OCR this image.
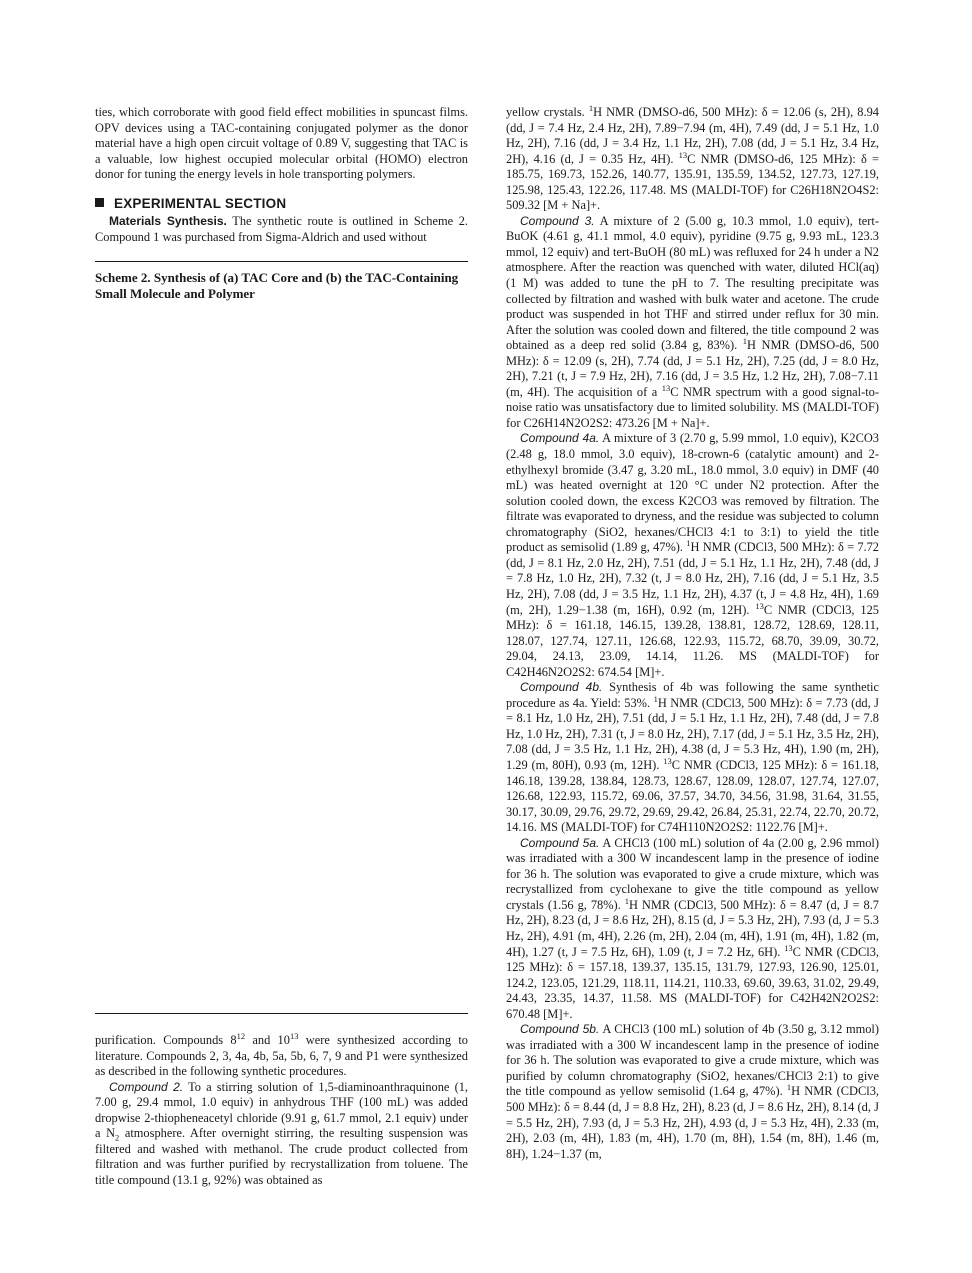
ties, which corroborate with good field effect mobilities in spuncast films. OPV devices using a TAC-containing conjugated polymer as the donor material have a high open circuit voltage of 0.89 V, suggesting that TAC is a valuable, low highest occupied molecular orbital (HOMO) electron donor for tuning the energy levels in hole transporting polymers.

EXPERIMENTAL SECTION

Materials Synthesis. The synthetic route is outlined in Scheme 2. Compound 1 was purchased from Sigma-Aldrich and used without

Scheme 2. Synthesis of (a) TAC Core and (b) the TAC-Containing Small Molecule and Polymer

purification. Compounds $8^{12}$ and $10^{13}$ were synthesized according to literature. Compounds 2, 3, 4a, 4b, 5a, 5b, 6, 7, 9 and P1 were synthesized as described in the following synthetic procedures.

Compound 2. To a stirring solution of 1,5-diaminoanthraquinone (1, 7.00 g, 29.4 mmol, 1.0 equiv) in anhydrous THF (100 mL) was added dropwise 2-thiopheneacetyl chloride (9.91 g, 61.7 mmol, 2.1 equiv) under a $N_2$ atmosphere. After overnight stirring, the resulting suspension was filtered and washed with methanol. The crude product collected from filtration and was further purified by recrystallization from toluene. The title compound (13.1 g, 92%) was obtained as

yellow crystals. $^1$H NMR (DMSO-d6, 500 MHz): δ = 12.06 (s, 2H), 8.94 (dd, J = 7.4 Hz, 2.4 Hz, 2H), 7.89−7.94 (m, 4H), 7.49 (dd, J = 5.1 Hz, 1.0 Hz, 2H), 7.16 (dd, J = 3.4 Hz, 1.1 Hz, 2H), 7.08 (dd, J = 5.1 Hz, 3.4 Hz, 2H), 4.16 (d, J = 0.35 Hz, 4H). $^{13}$C NMR (DMSO-d6, 125 MHz): δ = 185.75, 169.73, 152.26, 140.77, 135.91, 135.59, 134.52, 127.73, 127.19, 125.98, 125.43, 122.26, 117.48. MS (MALDI-TOF) for C26H18N2O4S2: 509.32 [M + Na]+.

Compound 3. A mixture of 2 (5.00 g, 10.3 mmol, 1.0 equiv), tert-BuOK (4.61 g, 41.1 mmol, 4.0 equiv), pyridine (9.75 g, 9.93 mL, 123.3 mmol, 12 equiv) and tert-BuOH (80 mL) was refluxed for 24 h under a N2 atmosphere. After the reaction was quenched with water, diluted HCl(aq) (1 M) was added to tune the pH to 7. The resulting precipitate was collected by filtration and washed with bulk water and acetone. The crude product was suspended in hot THF and stirred under reflux for 30 min. After the solution was cooled down and filtered, the title compound 2 was obtained as a deep red solid (3.84 g, 83%). $^1$H NMR (DMSO-d6, 500 MHz): δ = 12.09 (s, 2H), 7.74 (dd, J = 5.1 Hz, 2H), 7.25 (dd, J = 8.0 Hz, 2H), 7.21 (t, J = 7.9 Hz, 2H), 7.16 (dd, J = 3.5 Hz, 1.2 Hz, 2H), 7.08−7.11 (m, 4H). The acquisition of a $^{13}$C NMR spectrum with a good signal-to-noise ratio was unsatisfactory due to limited solubility. MS (MALDI-TOF) for C26H14N2O2S2: 473.26 [M + Na]+.

Compound 4a. A mixture of 3 (2.70 g, 5.99 mmol, 1.0 equiv), K2CO3 (2.48 g, 18.0 mmol, 3.0 equiv), 18-crown-6 (catalytic amount) and 2-ethylhexyl bromide (3.47 g, 3.20 mL, 18.0 mmol, 3.0 equiv) in DMF (40 mL) was heated overnight at 120 °C under N2 protection. After the solution cooled down, the excess K2CO3 was removed by filtration. The filtrate was evaporated to dryness, and the residue was subjected to column chromatography (SiO2, hexanes/CHCl3 4:1 to 3:1) to yield the title product as semisolid (1.89 g, 47%). $^1$H NMR (CDCl3, 500 MHz): δ = 7.72 (dd, J = 8.1 Hz, 2.0 Hz, 2H), 7.51 (dd, J = 5.1 Hz, 1.1 Hz, 2H), 7.48 (dd, J = 7.8 Hz, 1.0 Hz, 2H), 7.32 (t, J = 8.0 Hz, 2H), 7.16 (dd, J = 5.1 Hz, 3.5 Hz, 2H), 7.08 (dd, J = 3.5 Hz, 1.1 Hz, 2H), 4.37 (t, J = 4.8 Hz, 4H), 1.69 (m, 2H), 1.29−1.38 (m, 16H), 0.92 (m, 12H). $^{13}$C NMR (CDCl3, 125 MHz): δ = 161.18, 146.15, 139.28, 138.81, 128.72, 128.69, 128.11, 128.07, 127.74, 127.11, 126.68, 122.93, 115.72, 68.70, 39.09, 30.72, 29.04, 24.13, 23.09, 14.14, 11.26. MS (MALDI-TOF) for C42H46N2O2S2: 674.54 [M]+.

Compound 4b. Synthesis of 4b was following the same synthetic procedure as 4a. Yield: 53%. $^1$H NMR (CDCl3, 500 MHz): δ = 7.73 (dd, J = 8.1 Hz, 1.0 Hz, 2H), 7.51 (dd, J = 5.1 Hz, 1.1 Hz, 2H), 7.48 (dd, J = 7.8 Hz, 1.0 Hz, 2H), 7.31 (t, J = 8.0 Hz, 2H), 7.17 (dd, J = 5.1 Hz, 3.5 Hz, 2H), 7.08 (dd, J = 3.5 Hz, 1.1 Hz, 2H), 4.38 (d, J = 5.3 Hz, 4H), 1.90 (m, 2H), 1.29 (m, 80H), 0.93 (m, 12H). $^{13}$C NMR (CDCl3, 125 MHz): δ = 161.18, 146.18, 139.28, 138.84, 128.73, 128.67, 128.09, 128.07, 127.74, 127.07, 126.68, 122.93, 115.72, 69.06, 37.57, 34.70, 34.56, 31.98, 31.64, 31.55, 30.17, 30.09, 29.76, 29.72, 29.69, 29.42, 26.84, 25.31, 22.74, 22.70, 20.72, 14.16. MS (MALDI-TOF) for C74H110N2O2S2: 1122.76 [M]+.

Compound 5a. A CHCl3 (100 mL) solution of 4a (2.00 g, 2.96 mmol) was irradiated with a 300 W incandescent lamp in the presence of iodine for 36 h. The solution was evaporated to give a crude mixture, which was recrystallized from cyclohexane to give the title compound as yellow crystals (1.56 g, 78%). $^1$H NMR (CDCl3, 500 MHz): δ = 8.47 (d, J = 8.7 Hz, 2H), 8.23 (d, J = 8.6 Hz, 2H), 8.15 (d, J = 5.3 Hz, 2H), 7.93 (d, J = 5.3 Hz, 2H), 4.91 (m, 4H), 2.26 (m, 2H), 2.04 (m, 4H), 1.91 (m, 4H), 1.82 (m, 4H), 1.27 (t, J = 7.5 Hz, 6H), 1.09 (t, J = 7.2 Hz, 6H). $^{13}$C NMR (CDCl3, 125 MHz): δ = 157.18, 139.37, 135.15, 131.79, 127.93, 126.90, 125.01, 124.2, 123.05, 121.29, 118.11, 114.21, 110.33, 69.60, 39.63, 31.02, 29.49, 24.43, 23.35, 14.37, 11.58. MS (MALDI-TOF) for C42H42N2O2S2: 670.48 [M]+.

Compound 5b. A CHCl3 (100 mL) solution of 4b (3.50 g, 3.12 mmol) was irradiated with a 300 W incandescent lamp in the presence of iodine for 36 h. The solution was evaporated to give a crude mixture, which was purified by column chromatography (SiO2, hexanes/CHCl3 2:1) to give the title compound as yellow semisolid (1.64 g, 47%). $^1$H NMR (CDCl3, 500 MHz): δ = 8.44 (d, J = 8.8 Hz, 2H), 8.23 (d, J = 8.6 Hz, 2H), 8.14 (d, J = 5.5 Hz, 2H), 7.93 (d, J = 5.3 Hz, 2H), 4.93 (d, J = 5.3 Hz, 4H), 2.33 (m, 2H), 2.03 (m, 4H), 1.83 (m, 4H), 1.70 (m, 8H), 1.54 (m, 8H), 1.46 (m, 8H), 1.24−1.37 (m,
